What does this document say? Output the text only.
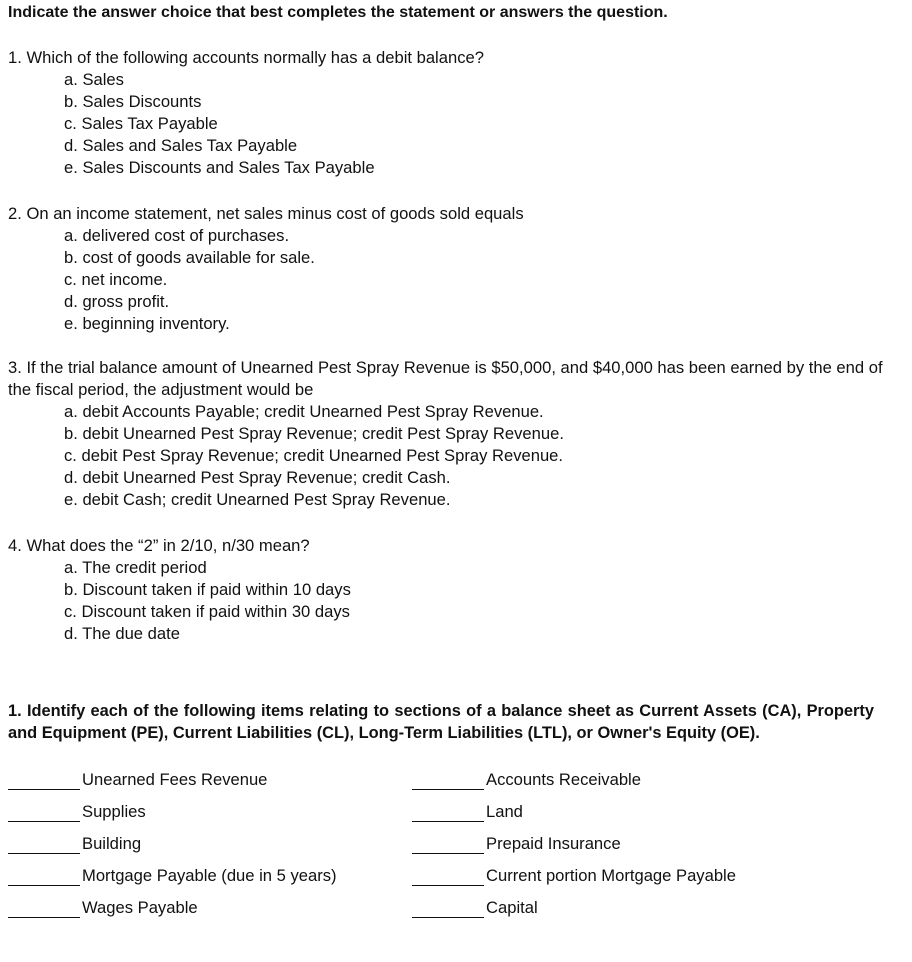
Indicate the answer choice that best completes the statement or answers the question.
1. Which of the following accounts normally has a debit balance?
a. Sales
b. Sales Discounts
c. Sales Tax Payable
d. Sales and Sales Tax Payable
e. Sales Discounts and Sales Tax Payable
2. On an income statement, net sales minus cost of goods sold equals
a. delivered cost of purchases.
b. cost of goods available for sale.
c. net income.
d. gross profit.
e. beginning inventory.
3. If the trial balance amount of Unearned Pest Spray Revenue is $50,000, and $40,000 has been earned by the end of the fiscal period, the adjustment would be
a. debit Accounts Payable; credit Unearned Pest Spray Revenue.
b. debit Unearned Pest Spray Revenue; credit Pest Spray Revenue.
c. debit Pest Spray Revenue; credit Unearned Pest Spray Revenue.
d. debit Unearned Pest Spray Revenue; credit Cash.
e. debit Cash; credit Unearned Pest Spray Revenue.
4. What does the “2” in 2/10, n/30 mean?
a. The credit period
b. Discount taken if paid within 10 days
c. Discount taken if paid within 30 days
d. The due date
1. Identify each of the following items relating to sections of a balance sheet as Current Assets (CA), Property and Equipment (PE), Current Liabilities (CL), Long-Term Liabilities (LTL), or Owner's Equity (OE).
Unearned Fees Revenue
Supplies
Building
Mortgage Payable (due in 5 years)
Wages Payable
Accounts Receivable
Land
Prepaid Insurance
Current portion Mortgage Payable
Capital
